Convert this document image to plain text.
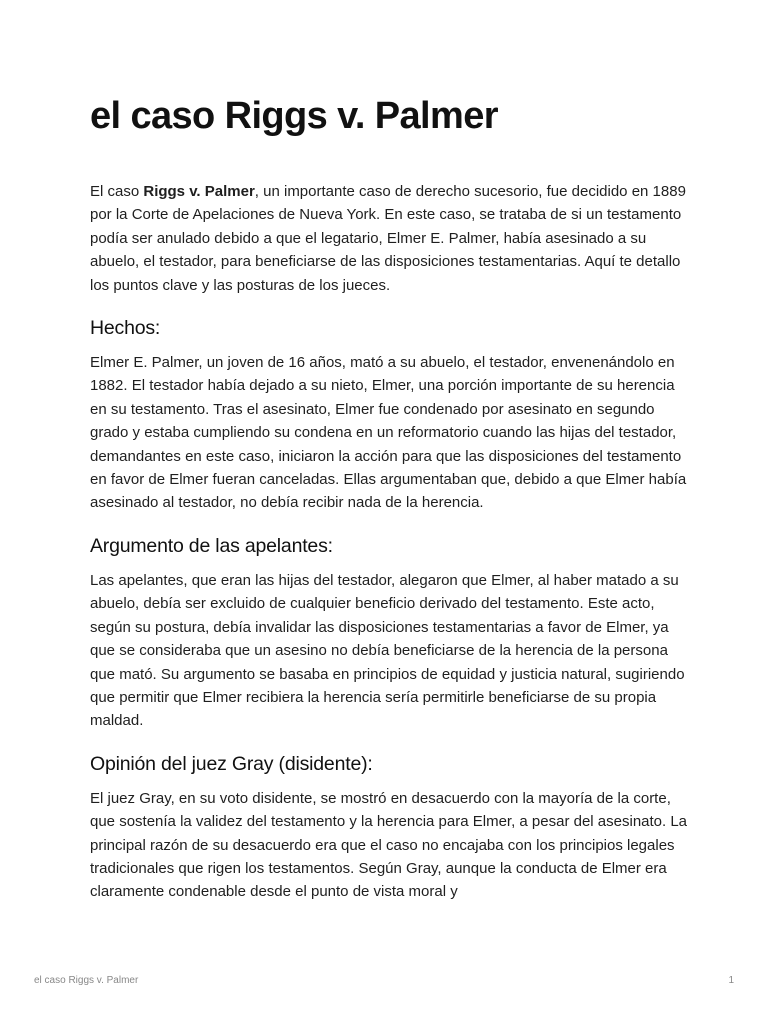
el caso Riggs v. Palmer

El caso Riggs v. Palmer, un importante caso de derecho sucesorio, fue decidido en 1889 por la Corte de Apelaciones de Nueva York. En este caso, se trataba de si un testamento podía ser anulado debido a que el legatario, Elmer E. Palmer, había asesinado a su abuelo, el testador, para beneficiarse de las disposiciones testamentarias. Aquí te detallo los puntos clave y las posturas de los jueces.

Hechos:

Elmer E. Palmer, un joven de 16 años, mató a su abuelo, el testador, envenenándolo en 1882. El testador había dejado a su nieto, Elmer, una porción importante de su herencia en su testamento. Tras el asesinato, Elmer fue condenado por asesinato en segundo grado y estaba cumpliendo su condena en un reformatorio cuando las hijas del testador, demandantes en este caso, iniciaron la acción para que las disposiciones del testamento en favor de Elmer fueran canceladas. Ellas argumentaban que, debido a que Elmer había asesinado al testador, no debía recibir nada de la herencia.

Argumento de las apelantes:

Las apelantes, que eran las hijas del testador, alegaron que Elmer, al haber matado a su abuelo, debía ser excluido de cualquier beneficio derivado del testamento. Este acto, según su postura, debía invalidar las disposiciones testamentarias a favor de Elmer, ya que se consideraba que un asesino no debía beneficiarse de la herencia de la persona que mató. Su argumento se basaba en principios de equidad y justicia natural, sugiriendo que permitir que Elmer recibiera la herencia sería permitirle beneficiarse de su propia maldad.

Opinión del juez Gray (disidente):

El juez Gray, en su voto disidente, se mostró en desacuerdo con la mayoría de la corte, que sostenía la validez del testamento y la herencia para Elmer, a pesar del asesinato. La principal razón de su desacuerdo era que el caso no encajaba con los principios legales tradicionales que rigen los testamentos. Según Gray, aunque la conducta de Elmer era claramente condenable desde el punto de vista moral y

el caso Riggs v. Palmer	1
